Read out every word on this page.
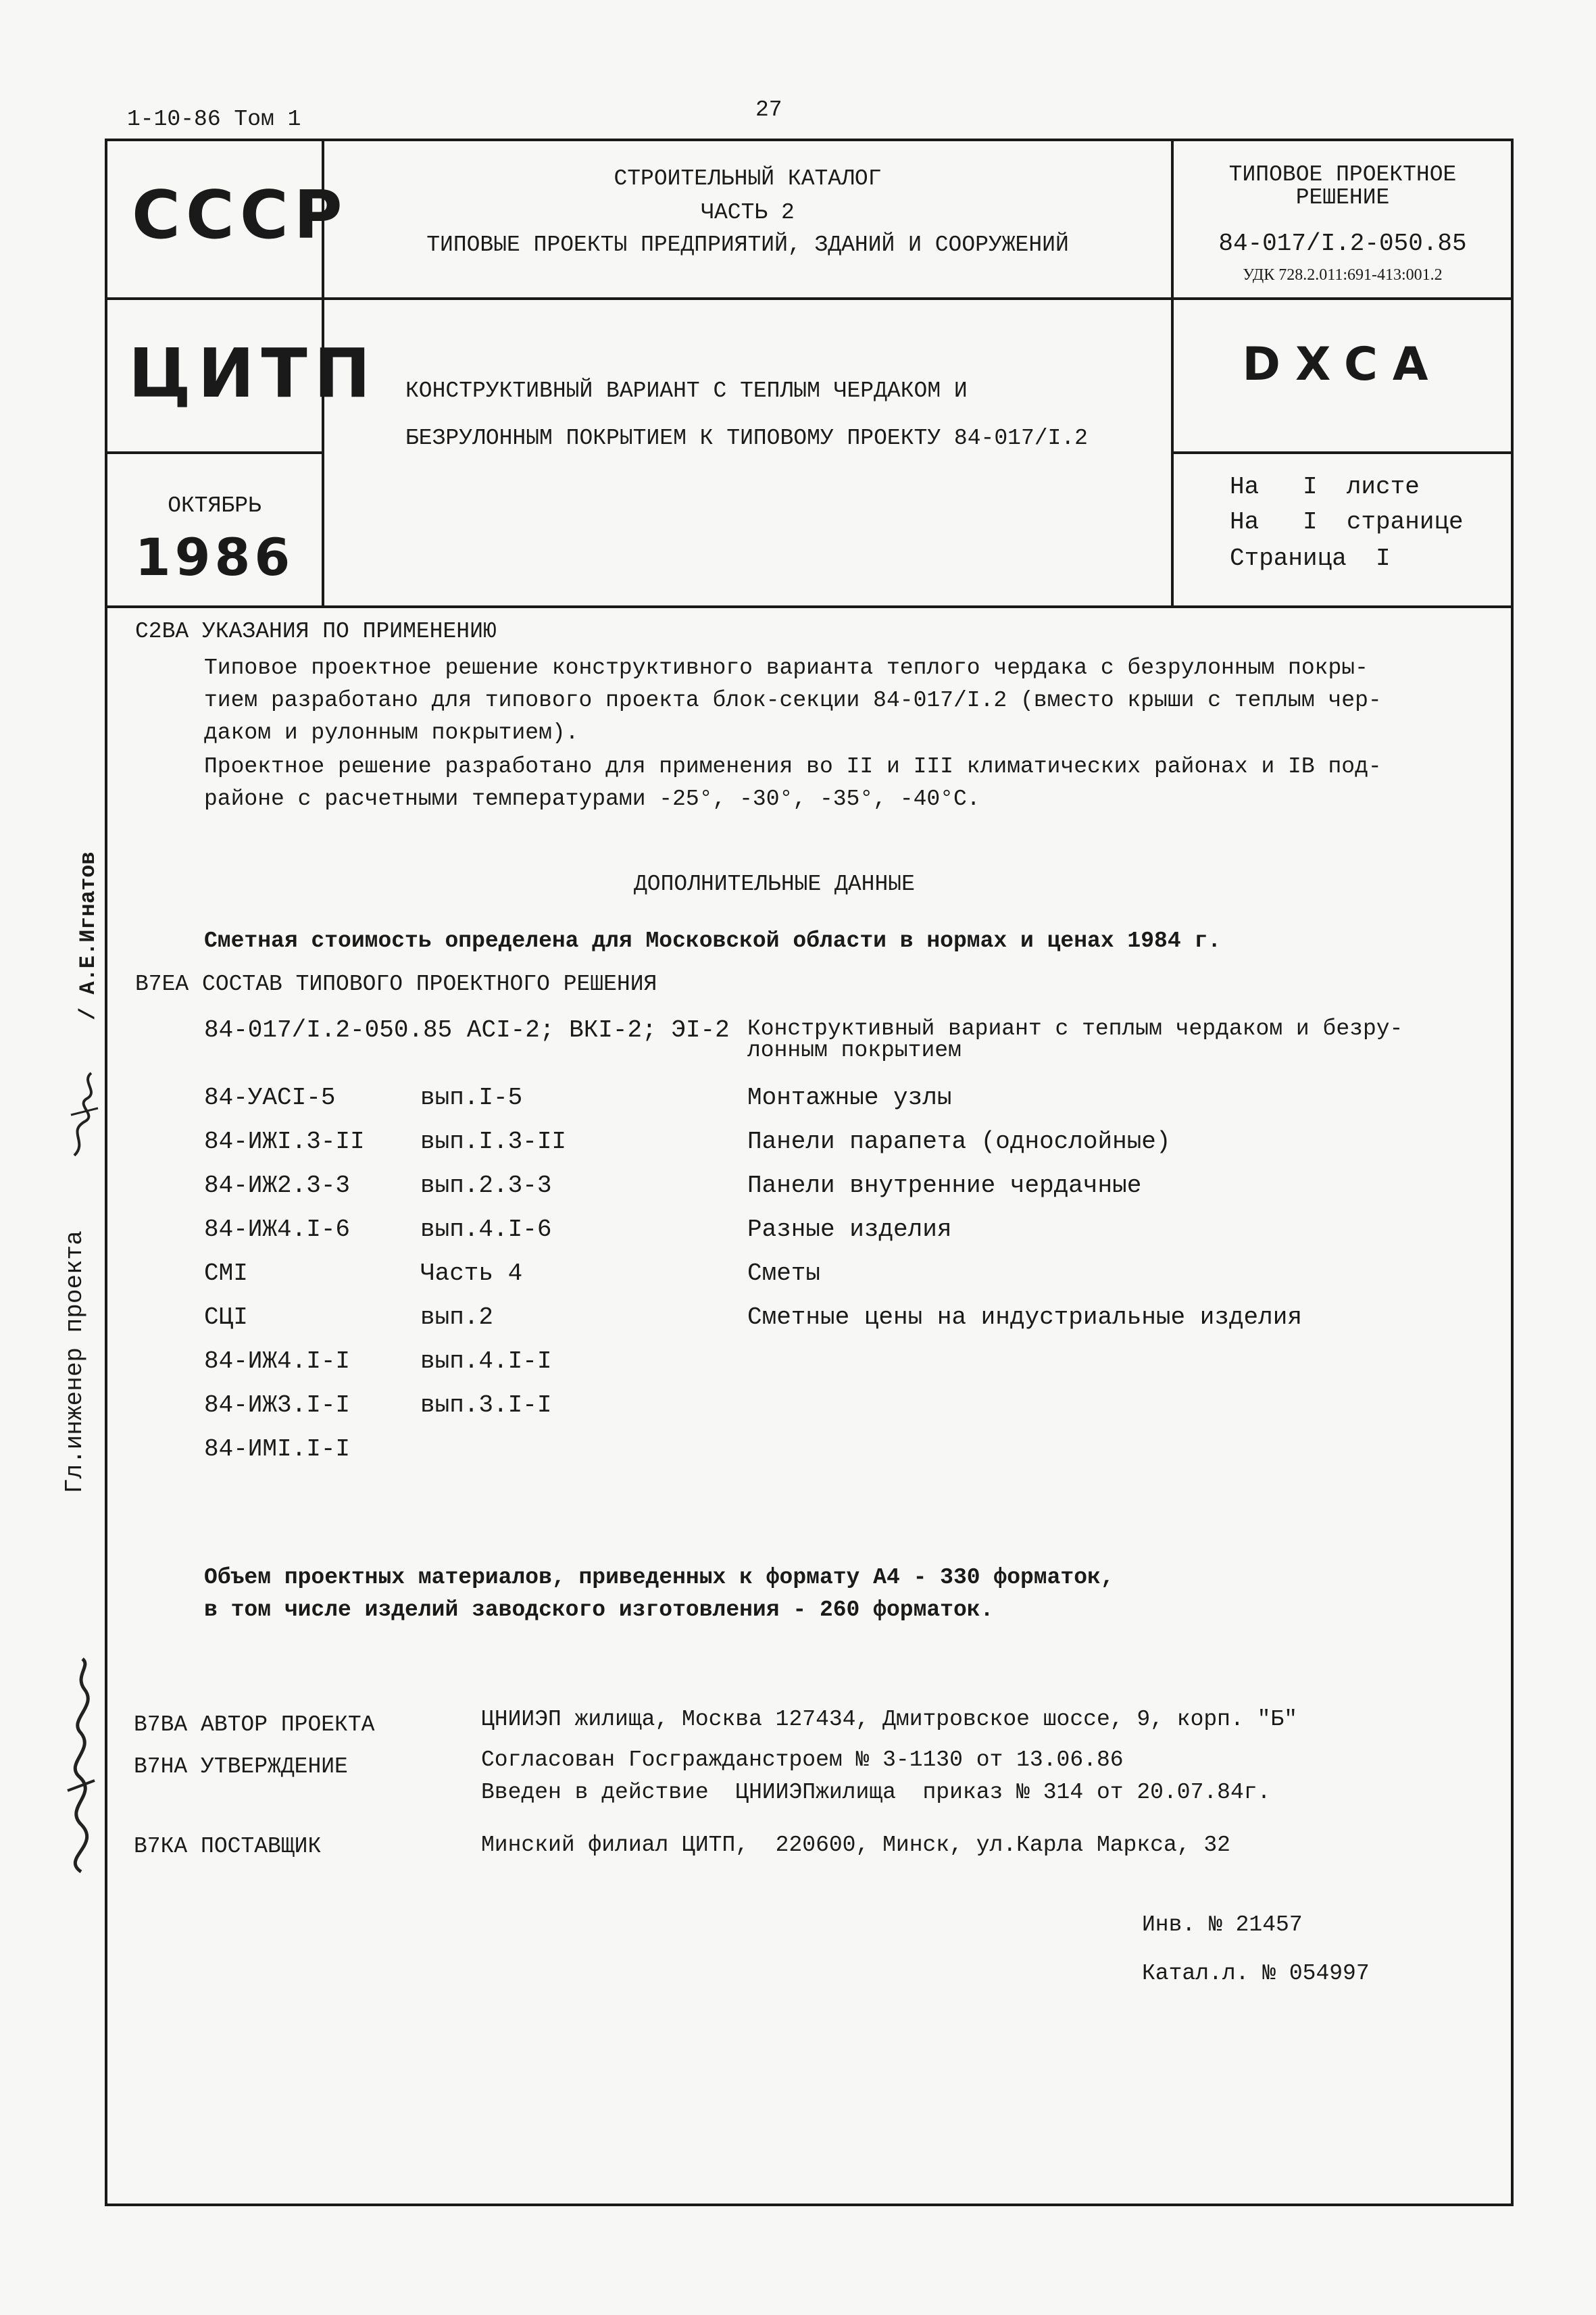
1-10-86 Том 1	27
СССР	СТРОИТЕЛЬНЫЙ КАТАЛОГ
ЧАСТЬ 2
ТИПОВЫЕ ПРОЕКТЫ ПРЕДПРИЯТИЙ, ЗДАНИЙ И СООРУЖЕНИЙ
ТИПОВОЕ ПРОЕКТНОЕ
РЕШЕНИЕ
84-017/I.2-050.85
УДК 728.2.011:691-413:001.2
ЦИТП КОНСТРУКТИВНЫЙ ВАРИАНТ С ТЕПЛЫМ ЧЕРДАКОМ И
БЕЗРУЛОННЫМ ПОКРЫТИЕМ К ТИПОВОМУ ПРОЕКТУ 84-017/I.2
DXCA
ОКТЯБРЬ
1986
На   I  листе
На   I  странице
Страница  I
С2ВА УКАЗАНИЯ ПО ПРИМЕНЕНИЮ
Типовое проектное решение конструктивного варианта теплого чердака с безрулонным покры-
тием разработано для типового проекта блок-секции 84-017/I.2 (вместо крыши с теплым чер-
даком и рулонным покрытием).
Проектное решение разработано для применения во II и III климатических районах и IВ под-
районе с расчетными температурами -25°, -30°, -35°, -40°С.
ДОПОЛНИТЕЛЬНЫЕ ДАННЫЕ
Сметная стоимость определена для Московской области в нормах и ценах 1984 г.
В7ЕА СОСТАВ ТИПОВОГО ПРОЕКТНОГО РЕШЕНИЯ
84-017/I.2-050.85 АСI-2; ВКI-2; ЭI-2 Конструктивный вариант с теплым чердаком и безру-
лонным покрытием
84-УАСI-5	вып.I-5	Монтажные узлы
84-ИЖI.3-II вып.I.3-II	Панели парапета (однослойные)
84-ИЖ2.3-3	вып.2.3-3	Панели внутренние чердачные
84-ИЖ4.I-6	вып.4.I-6	Разные изделия
СМI	Часть 4	Сметы
СЦI	вып.2	Сметные цены на индустриальные изделия
84-ИЖ4.I-I	вып.4.I-I
84-ИЖ3.I-I	вып.3.I-I
84-ИМI.I-I
Объем проектных материалов, приведенных к формату А4 - 330 форматок,
в том числе изделий заводского изготовления - 260 форматок.
В7ВА АВТОР ПРОЕКТА	ЦНИИЭП жилища, Москва 127434, Дмитровское шоссе, 9, корп. "Б"
В7НА УТВЕРЖДЕНИЕ	Согласован Госгражданстроем № 3-1130 от 13.06.86
Введен в действие  ЦНИИЭПжилища  приказ № 314 от 20.07.84г.
В7КА ПОСТАВЩИК	Минский филиал ЦИТП,  220600, Минск, ул.Карла Маркса, 32
Инв. № 21457
Катал.л. № 054997
Гл.инженер проекта
/ А.Е.Игнатов
